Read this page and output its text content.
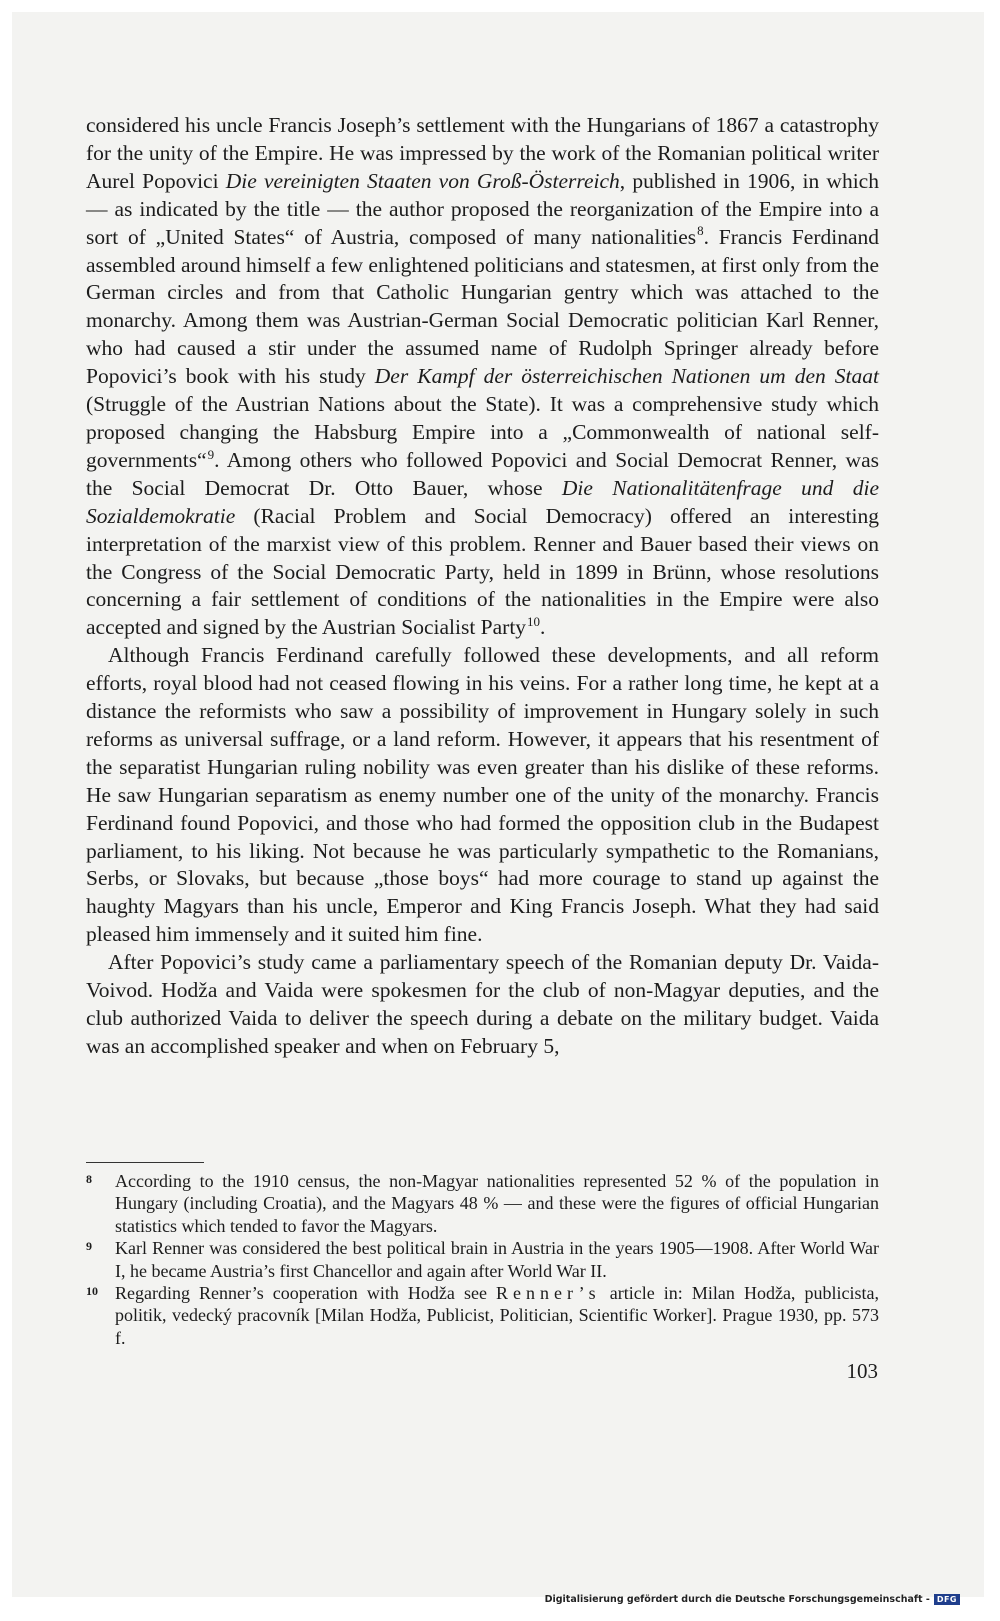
considered his uncle Francis Joseph’s settlement with the Hungarians of 1867 a catastrophy for the unity of the Empire. He was impressed by the work of the Romanian political writer Aurel Popovici Die vereinigten Staaten von Groß-Österreich, published in 1906, in which — as indicated by the title — the author proposed the reorganization of the Empire into a sort of „United States“ of Austria, composed of many nationalities$^8$. Francis Ferdinand assembled around himself a few enlightened politicians and statesmen, at first only from the German circles and from that Catholic Hungarian gentry which was attached to the monarchy. Among them was Austrian-German Social Democratic politician Karl Renner, who had caused a stir under the assumed name of Rudolph Springer already before Popovici’s book with his study Der Kampf der österreichischen Nationen um den Staat (Struggle of the Austrian Nations about the State). It was a comprehensive study which proposed changing the Habsburg Empire into a „Commonwealth of national self-governments“$^9$. Among others who followed Popovici and Social Democrat Renner, was the Social Democrat Dr. Otto Bauer, whose Die Nationalitätenfrage und die Sozialdemokratie (Racial Problem and Social Democracy) offered an interesting interpretation of the marxist view of this problem. Renner and Bauer based their views on the Congress of the Social Democratic Party, held in 1899 in Brünn, whose resolutions concerning a fair settlement of conditions of the nationalities in the Empire were also accepted and signed by the Austrian Socialist Party$^{10}$.

Although Francis Ferdinand carefully followed these developments, and all reform efforts, royal blood had not ceased flowing in his veins. For a rather long time, he kept at a distance the reformists who saw a possibility of improvement in Hungary solely in such reforms as universal suffrage, or a land reform. However, it appears that his resentment of the separatist Hungarian ruling nobility was even greater than his dislike of these reforms. He saw Hungarian separatism as enemy number one of the unity of the monarchy. Francis Ferdinand found Popovici, and those who had formed the opposition club in the Budapest parliament, to his liking. Not because he was particularly sympathetic to the Romanians, Serbs, or Slovaks, but because „those boys“ had more courage to stand up against the haughty Magyars than his uncle, Emperor and King Francis Joseph. What they had said pleased him immensely and it suited him fine.

After Popovici’s study came a parliamentary speech of the Romanian deputy Dr. Vaida-Voivod. Hodža and Vaida were spokesmen for the club of non-Magyar deputies, and the club authorized Vaida to deliver the speech during a debate on the military budget. Vaida was an accomplished speaker and when on February 5,

8 According to the 1910 census, the non-Magyar nationalities represented 52 % of the population in Hungary (including Croatia), and the Magyars 48 % — and these were the figures of official Hungarian statistics which tended to favor the Magyars.

9 Karl Renner was considered the best political brain in Austria in the years 1905—1908. After World War I, he became Austria’s first Chancellor and again after World War II.

10 Regarding Renner’s cooperation with Hodža see Renner’s article in: Milan Hodža, publicista, politik, vedecký pracovník [Milan Hodža, Publicist, Politician, Scientific Worker]. Prague 1930, pp. 573 f.

103
Digitalisierung gefördert durch die Deutsche Forschungsgemeinschaft - DFG
